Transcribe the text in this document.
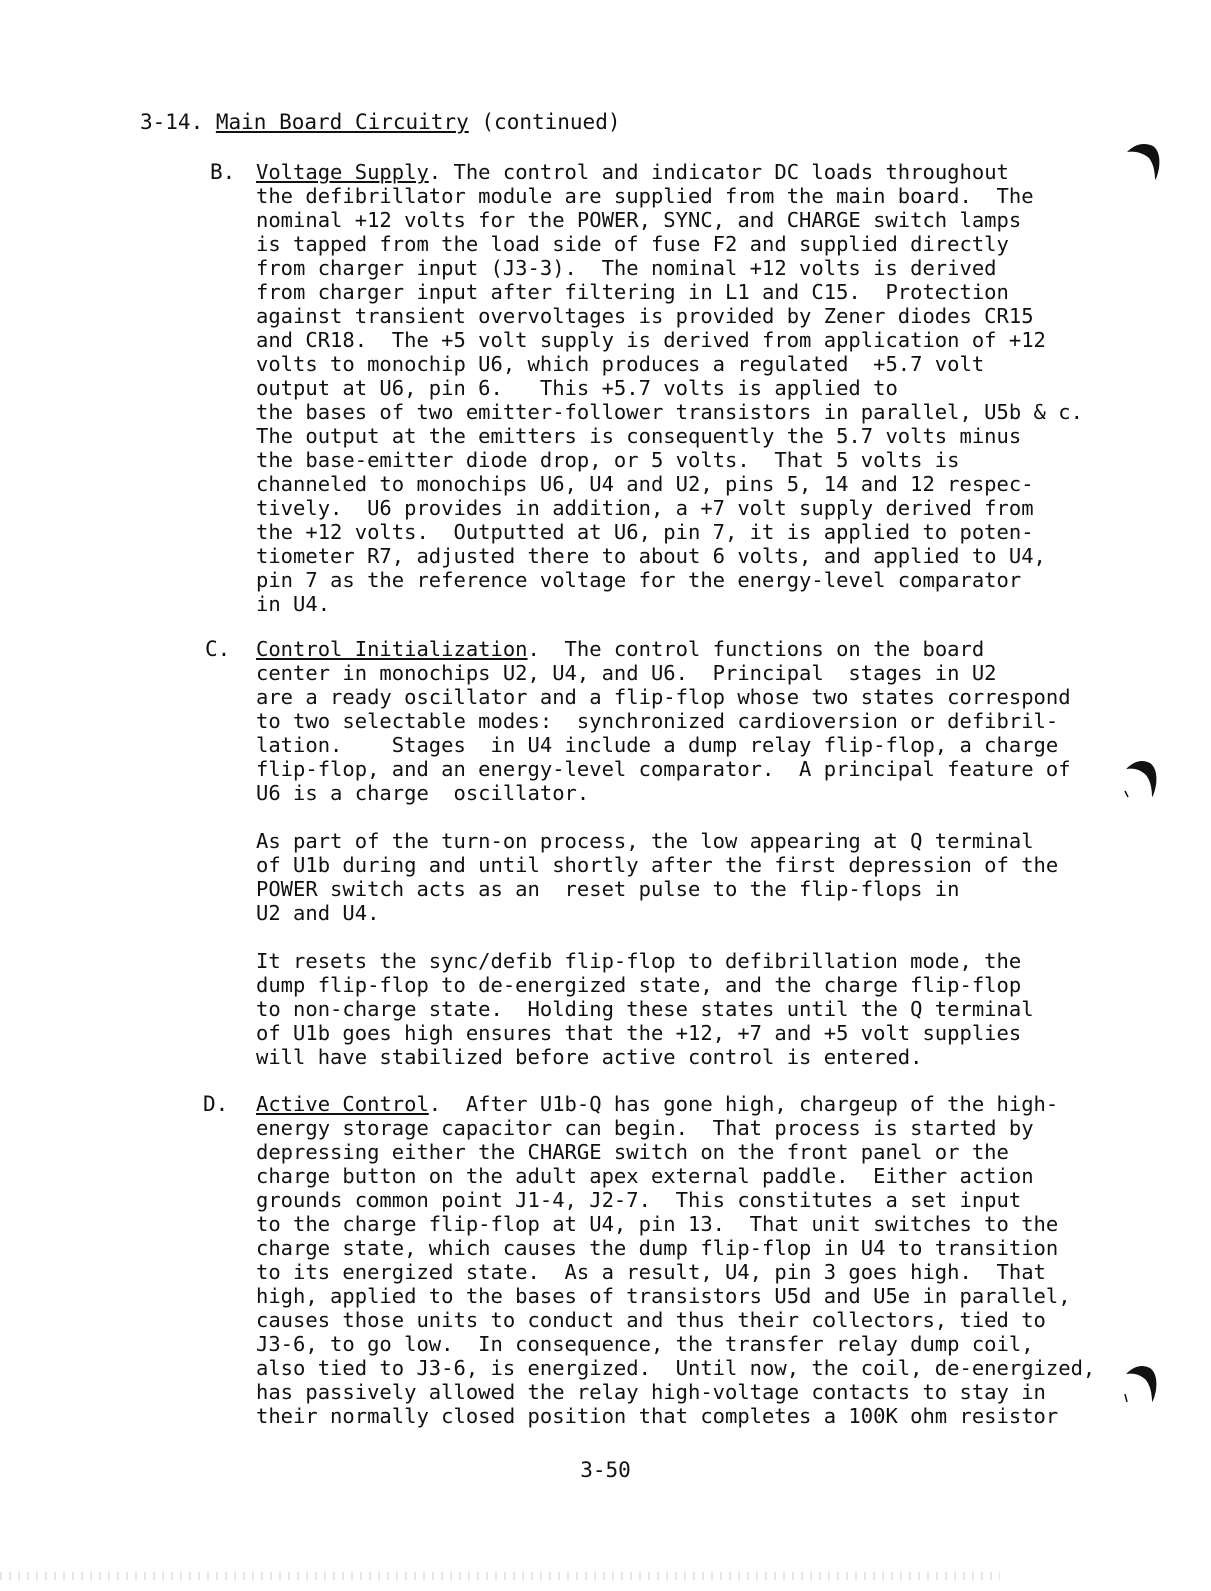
3-14. Main Board Circuitry (continued)
B. Voltage Supply. The control and indicator DC loads throughout
the defibrillator module are supplied from the main board.  The
nominal +12 volts for the POWER, SYNC, and CHARGE switch lamps
is tapped from the load side of fuse F2 and supplied directly
from charger input (J3-3).  The nominal +12 volts is derived
from charger input after filtering in L1 and C15.  Protection
against transient overvoltages is provided by Zener diodes CR15
and CR18.  The +5 volt supply is derived from application of +12
volts to monochip U6, which produces a regulated  +5.7 volt
output at U6, pin 6.   This +5.7 volts is applied to
the bases of two emitter-follower transistors in parallel, U5b & c.
The output at the emitters is consequently the 5.7 volts minus
the base-emitter diode drop, or 5 volts.  That 5 volts is
channeled to monochips U6, U4 and U2, pins 5, 14 and 12 respec-
tively.  U6 provides in addition, a +7 volt supply derived from
the +12 volts.  Outputted at U6, pin 7, it is applied to poten-
tiometer R7, adjusted there to about 6 volts, and applied to U4,
pin 7 as the reference voltage for the energy-level comparator
in U4.
C. Control Initialization.  The control functions on the board
center in monochips U2, U4, and U6.  Principal  stages in U2
are a ready oscillator and a flip-flop whose two states correspond
to two selectable modes:  synchronized cardioversion or defibril-
lation.    Stages  in U4 include a dump relay flip-flop, a charge
flip-flop, and an energy-level comparator.  A principal feature of
U6 is a charge  oscillator.
As part of the turn-on process, the low appearing at Q terminal
of U1b during and until shortly after the first depression of the
POWER switch acts as an  reset pulse to the flip-flops in
U2 and U4.
It resets the sync/defib flip-flop to defibrillation mode, the
dump flip-flop to de-energized state, and the charge flip-flop
to non-charge state.  Holding these states until the Q terminal
of U1b goes high ensures that the +12, +7 and +5 volt supplies
will have stabilized before active control is entered.
D. Active Control.  After U1b-Q has gone high, chargeup of the high-
energy storage capacitor can begin.  That process is started by
depressing either the CHARGE switch on the front panel or the
charge button on the adult apex external paddle.  Either action
grounds common point J1-4, J2-7.  This constitutes a set input
to the charge flip-flop at U4, pin 13.  That unit switches to the
charge state, which causes the dump flip-flop in U4 to transition
to its energized state.  As a result, U4, pin 3 goes high.  That
high, applied to the bases of transistors U5d and U5e in parallel,
causes those units to conduct and thus their collectors, tied to
J3-6, to go low.  In consequence, the transfer relay dump coil,
also tied to J3-6, is energized.  Until now, the coil, de-energized,
has passively allowed the relay high-voltage contacts to stay in
their normally closed position that completes a 100K ohm resistor
3-50
